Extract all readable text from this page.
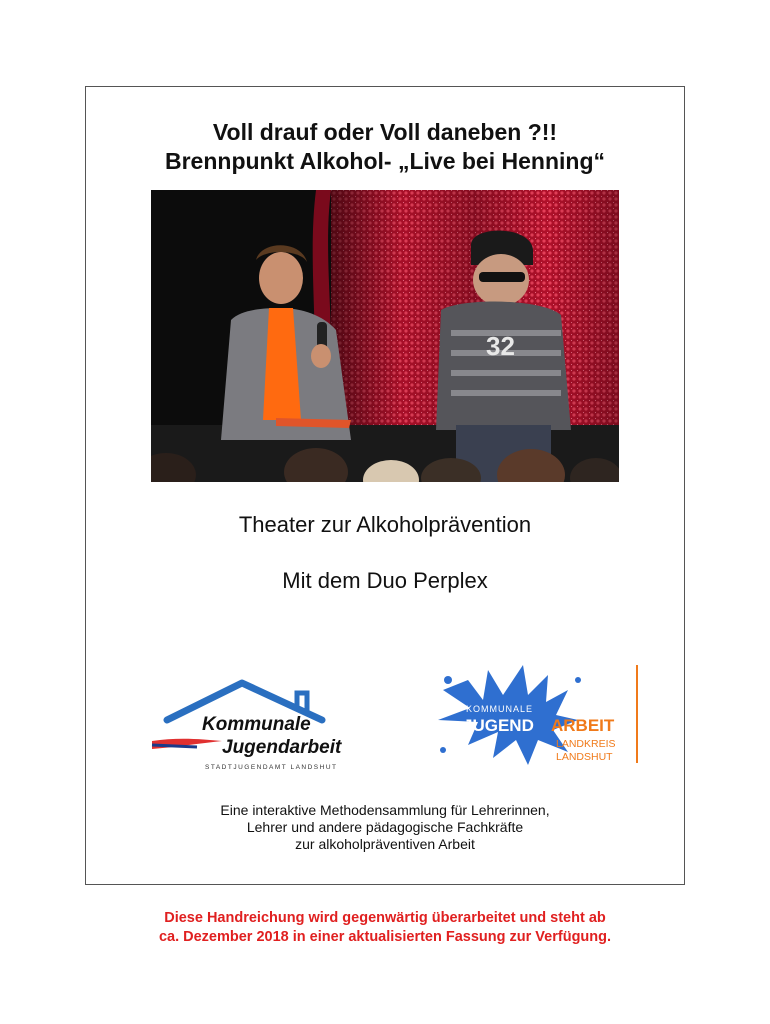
Voll drauf oder Voll daneben ?!!
Brennpunkt Alkohol- „Live bei Henning“
32
Theater zur Alkoholprävention
Mit dem Duo Perplex
Kommunale
Jugendarbeit
STADTJUGENDAMT LANDSHUT
KOMMUNALE
JUGEND ARBEIT
LANDKREIS
LANDSHUT
Eine interaktive Methodensammlung für Lehrerinnen,
Lehrer und andere pädagogische Fachkräfte
zur alkoholpräventiven Arbeit
Diese Handreichung wird gegenwärtig überarbeitet und steht ab
ca. Dezember 2018 in einer aktualisierten Fassung zur Verfügung.
